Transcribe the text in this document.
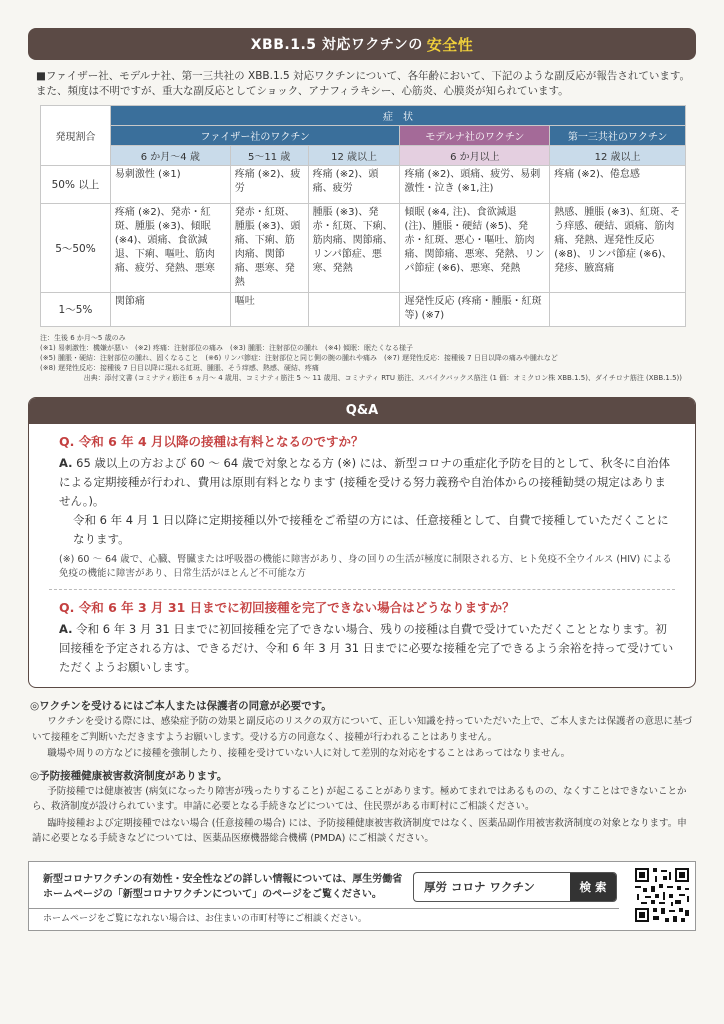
XBB.1.5 対応ワクチンの 安全性
■ファイザー社、モデルナ社、第一三共社の XBB.1.5 対応ワクチンについて、各年齢において、下記のような副反応が報告されています。
また、頻度は不明ですが、重大な副反応としてショック、アナフィラキシー、心筋炎、心膜炎が知られています。
発現割合	症　状				
	ファイザー社のワクチン			モデルナ社のワクチン	第一三共社のワクチン
	6 か月～4 歳	5～11 歳	12 歳以上	6 か月以上	12 歳以上
50% 以上	易刺激性 (※1)	疼痛 (※2)、疲労	疼痛 (※2)、頭痛、疲労	疼痛 (※2)、頭痛、疲労、易刺激性・泣き (※1,注)	疼痛 (※2)、倦怠感
5～50%	疼痛 (※2)、発赤・紅斑、腫脹 (※3)、傾眠 (※4)、頭痛、食欲減退、下痢、嘔吐、筋肉痛、疲労、発熱、悪寒	発赤・紅斑、腫脹 (※3)、頭痛、下痢、筋肉痛、関節痛、悪寒、発熱	腫脹 (※3)、発赤・紅斑、下痢、筋肉痛、関節痛、リンパ節症、悪寒、発熱	傾眠 (※4, 注)、食欲減退 (注)、腫脹・硬結 (※5)、発赤・紅斑、悪心・嘔吐、筋肉痛、関節痛、悪寒、発熱、リンパ節症 (※6)、悪寒、発熱	熱感、腫脹 (※3)、紅斑、そう痒感、硬結、頭痛、筋肉痛、発熱、遅発性反応 (※8)、リンパ節症 (※6)、発疹、腋窩痛
1～5%	関節痛	嘔吐		遅発性反応 (疼痛・腫脹・紅斑等) (※7)	
注：生後 6 か月～5 歳のみ
(※1) 易刺激性：機嫌が悪い　(※2) 疼痛：注射部位の痛み　(※3) 腫脹：注射部位の腫れ　(※4) 傾眠：眠たくなる様子
(※5) 腫脹・硬結：注射部位の腫れ、固くなること　(※6) リンパ節症：注射部位と同じ側の腕の腫れや痛み　(※7) 遅発性反応：接種後 7 日目以降の痛みや腫れなど
(※8) 遅発性反応：接種後 7 日目以降に現れる紅斑、腫脹、そう痒感、熱感、硬結、疼痛
出典：添付文書 (コミナティ筋注 6 ヵ月～ 4 歳用、コミナティ筋注 5 ～ 11 歳用、コミナティ RTU 筋注、スパイクバックス筋注 (1 価：オミクロン株 XBB.1.5)、ダイチロナ筋注 (XBB.1.5))
Q&A
Q. 令和 6 年 4 月以降の接種は有料となるのですか？
A. 65 歳以上の方および 60 ～ 64 歳で対象となる方 (※) には、新型コロナの重症化予防を目的として、秋冬に自治体による定期接種が行われ、費用は原則有料となります (接種を受ける努力義務や自治体からの接種勧奨の規定はありません。)。
令和 6 年 4 月 1 日以降に定期接種以外で接種をご希望の方には、任意接種として、自費で接種していただくことになります。
(※) 60 ～ 64 歳で、心臓、腎臓または呼吸器の機能に障害があり、身の回りの生活が極度に制限される方、ヒト免疫不全ウイルス (HIV) による免疫の機能に障害があり、日常生活がほとんど不可能な方
Q. 令和 6 年 3 月 31 日までに初回接種を完了できない場合はどうなりますか？
A. 令和 6 年 3 月 31 日までに初回接種を完了できない場合、残りの接種は自費で受けていただくこととなります。初回接種を予定される方は、できるだけ、令和 6 年 3 月 31 日までに必要な接種を完了できるよう余裕を持って受けていただくようお願いします。
◎ワクチンを受けるにはご本人または保護者の同意が必要です。
ワクチンを受ける際には、感染症予防の効果と副反応のリスクの双方について、正しい知識を持っていただいた上で、ご本人または保護者の意思に基づいて接種をご判断いただきますようお願いします。受ける方の同意なく、接種が行われることはありません。
職場や周りの方などに接種を強制したり、接種を受けていない人に対して差別的な対応をすることはあってはなりません。
◎予防接種健康被害救済制度があります。
予防接種では健康被害 (病気になったり障害が残ったりすること) が起こることがあります。極めてまれではあるものの、なくすことはできないことから、救済制度が設けられています。申請に必要となる手続きなどについては、住民票がある市町村にご相談ください。
臨時接種および定期接種ではない場合 (任意接種の場合) には、予防接種健康被害救済制度ではなく、医薬品副作用被害救済制度の対象となります。申請に必要となる手続きなどについては、医薬品医療機器総合機構 (PMDA) にご相談ください。
新型コロナワクチンの有効性・安全性などの詳しい情報については、厚生労働省
ホームページの「新型コロナワクチンについて」のページをご覧ください。
厚労 コロナ ワクチン	検 索
ホームページをご覧になれない場合は、お住まいの市町村等にご相談ください。
